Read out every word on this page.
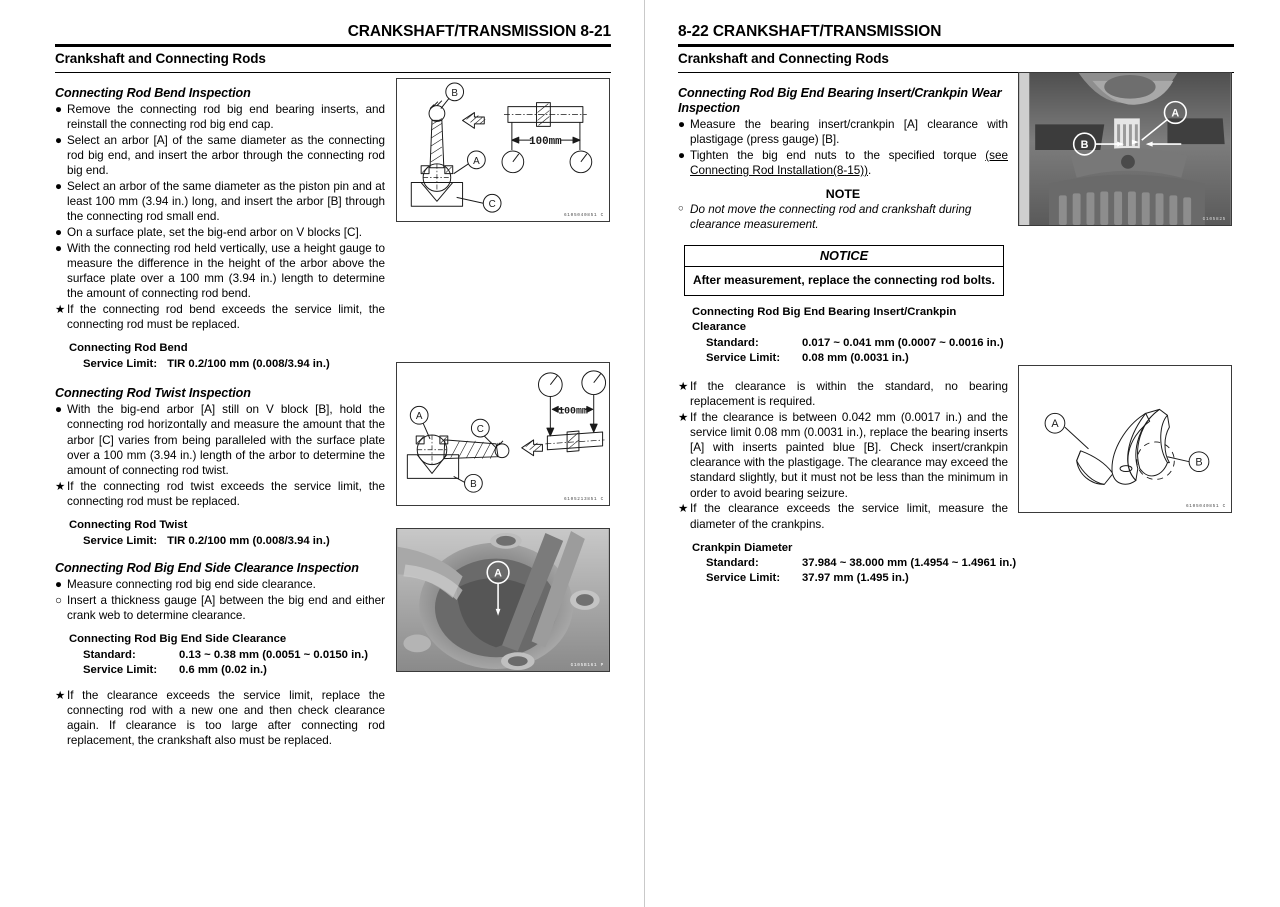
CRANKSHAFT/TRANSMISSION 8-21
Crankshaft and Connecting Rods
Connecting Rod Bend Inspection
● Remove the connecting rod big end bearing inserts, and reinstall the connecting rod big end cap.
● Select an arbor [A] of the same diameter as the connecting rod big end, and insert the arbor through the connecting rod big end.
● Select an arbor of the same diameter as the piston pin and at least 100 mm (3.94 in.) long, and insert the arbor [B] through the connecting rod small end.
● On a surface plate, set the big-end arbor on V blocks [C].
● With the connecting rod held vertically, use a height gauge to measure the difference in the height of the arbor above the surface plate over a 100 mm (3.94 in.) length to determine the amount of connecting rod bend.
★ If the connecting rod bend exceeds the service limit, the connecting rod must be replaced.
Connecting Rod Bend
Service Limit:	TIR 0.2/100 mm (0.008/3.94 in.)
Connecting Rod Twist Inspection
● With the big-end arbor [A] still on V block [B], hold the connecting rod horizontally and measure the amount that the arbor [C] varies from being paralleled with the surface plate over a 100 mm (3.94 in.) length of the arbor to determine the amount of connecting rod twist.
★ If the connecting rod twist exceeds the service limit, the connecting rod must be replaced.
Connecting Rod Twist
Service Limit:	TIR 0.2/100 mm (0.008/3.94 in.)
Connecting Rod Big End Side Clearance Inspection
● Measure connecting rod big end side clearance.
○ Insert a thickness gauge [A] between the big end and either crank web to determine clearance.
Connecting Rod Big End Side Clearance
Standard:	0.13 ~ 0.38 mm (0.0051 ~ 0.0150 in.)
Service Limit:	0.6 mm (0.02 in.)
★ If the clearance exceeds the service limit, replace the connecting rod with a new one and then check clearance again. If clearance is too large after connecting rod replacement, the crankshaft also must be replaced.
100mm
B
A
C
6105040851 C
100mm
A
C
B
6105213851 C
A
G105B161 P
8-22 CRANKSHAFT/TRANSMISSION
Crankshaft and Connecting Rods
Connecting Rod Big End Bearing Insert/Crankpin Wear Inspection
● Measure the bearing insert/crankpin [A] clearance with plastigage (press gauge) [B].
● Tighten the big end nuts to the specified torque (see Connecting Rod Installation(8-15)).
NOTE
○ Do not move the connecting rod and crankshaft during clearance measurement.
NOTICE
After measurement, replace the connecting rod bolts.
Connecting Rod Big End Bearing Insert/Crankpin Clearance
Standard:	0.017 ~ 0.041 mm (0.0007 ~ 0.0016 in.)
Service Limit:	0.08 mm (0.0031 in.)
★ If the clearance is within the standard, no bearing replacement is required.
★ If the clearance is between 0.042 mm (0.0017 in.) and the service limit 0.08 mm (0.0031 in.), replace the bearing inserts [A] with inserts painted blue [B]. Check insert/crankpin clearance with the plastigage. The clearance may exceed the standard slightly, but it must not be less than the minimum in order to avoid bearing seizure.
★ If the clearance exceeds the service limit, measure the diameter of the crankpins.
Crankpin Diameter
Standard:	37.984 ~ 38.000 mm (1.4954 ~ 1.4961 in.)
Service Limit:	37.97 mm (1.495 in.)
A
B
G105825
A
B
6105040851 C
